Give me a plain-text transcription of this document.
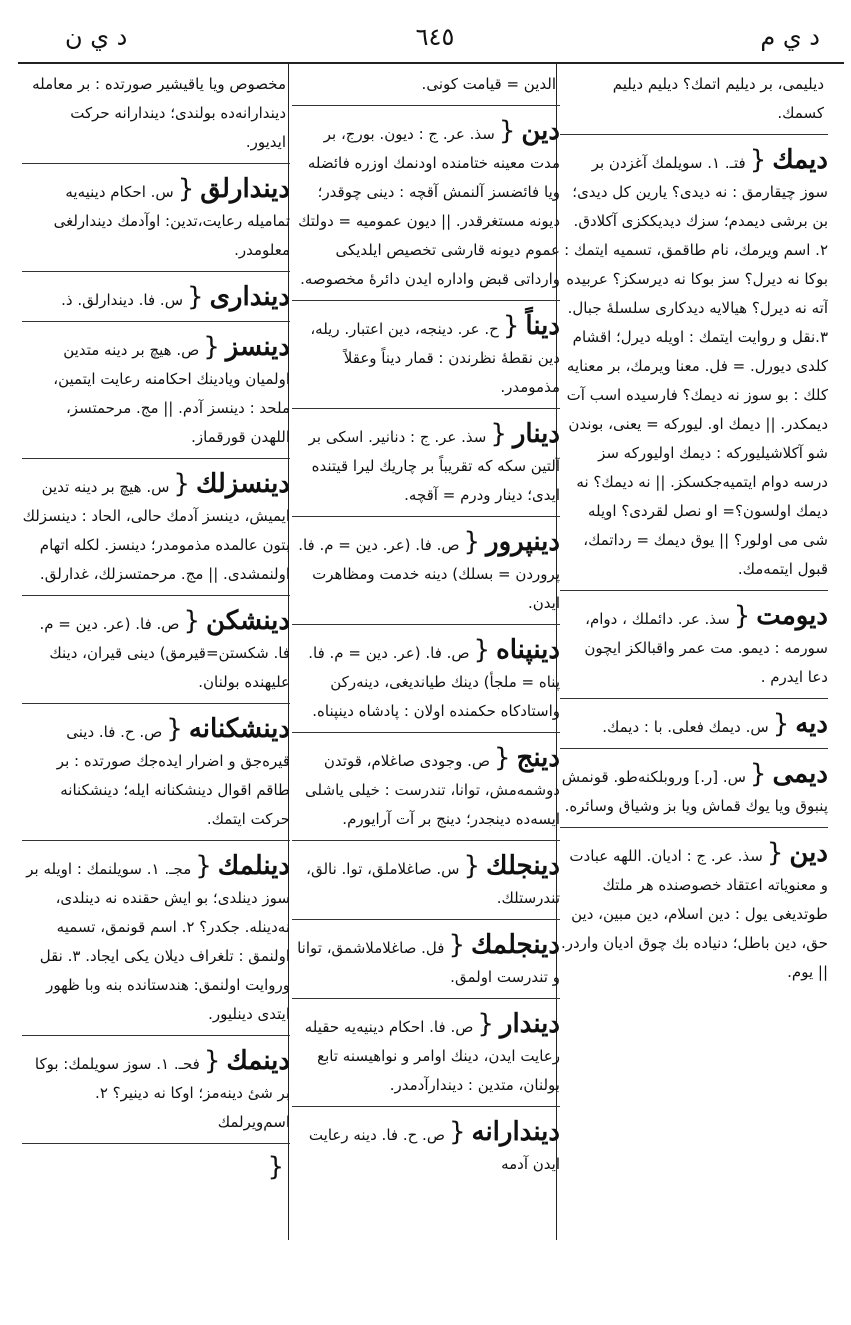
د ي م
٦٤٥
د ي ن
دیلیمی، بر دیلیم اتمك؟ دیلیم دیلیم کسمك.
دیمك{فتـ. ۱. سویلمك آغزدن بر سوز چیقارمق : نه دیدی؟ یارین کل دیدی؛ بن برشی دیمدم؛ سزك دیدیككزی آكلادق. ۲. اسم ویرمك، نام طاقمق، تسمیه ایتمك : بوكا نه دیرل؟ سز بوكا نه دیرسكز؟ عربیده آته نه دیرل؟ هیالایه دیدكاری سلسلهٔ جبال. ۳.نقل و روایت ایتمك : اویله دیرل؛ اقشام كلدی دیورل. = فل. معنا ویرمك، بر معنایه كلك : بو سوز نه دیمك؟ فارسیده اسب آت دیمكدر. || دیمك او. لیورکه = یعنی، بوندن شو آکلاشیلیورکه : دیمك اولیورکه سز درسه دوام ایتمیه‌جكسكز. || نه دیمك؟ نه دیمك اولسون؟= او نصل لقردی؟ اویله شی می اولور؟ || یوق دیمك = رداتمك، قبول ایتمه‌مك.
دیومت{سذ. عر. دائملك ، دوام، سورمه : دیمو. مت عمر واقبالكز ایچون دعا ایدرم .
دیه{س. دیمك فعلی. با : دیمك.
دیمی{س. [ر.] وروبلكنه‌طو. قونمش پنبوق ویا یوك قماش ویا بز وشیاق وسائره.
دین{سذ. عر. ج : ادیان. اللهه عبادت و معنویاته اعتقاد خصوصنده هر ملتك طوتدیغی یول : دین اسلام، دین مبین، دین حق، دین باطل؛ دنیاده بك چوق ادیان واردر. || یوم.
الدین = قیامت كونی.
دين{سذ. عر. ج : دیون. بورج، بر مدت معینه ختامنده اودنمك اوزره فائضله ویا فائضسز آلنمش آقچه : دینی چوقدر؛ دیونه مستغرقدر. || دیون عمومیه = دولتك عموم دیونه قارشی تخصیص ایلدیكی وارداتی قبض واداره ایدن دائرهٔ مخصوصه.
دیناً{ح. عر. دینجه، دین اعتبار. ریله، دین نقطهٔ نظرندن : قمار دیناً وعقلاً مذمومدر.
دینار{سذ. عر. ج : دنانیر. اسكی بر آلتین سكه كه تقریباً بر چاریك لیرا قیتنده ایدی؛ دینار ودرم = آقچه.
دینپرور{ص. فا. (عر. دين = م. فا. پروردن = بسلك) دینه خدمت ومظاهرت ایدن.
دینپناه{ص. فا. (عر. دين = م. فا. پناه = ملجأ) دینك طیاندیغی، دینه‌ركن واستادكاه حكمنده اولان : پادشاه دینپناه.
دینج{ص. وجودی صاغلام، قوتدن دوشمه‌مش، توانا، تندرست : خیلی یاشلی ایسه‌ده دینجدر؛ دینج بر آت آرایورم.
دینجلك{س. صاغلاملق، توا. نالق، تندرستلك.
دینجلمك{فل. صاغلاملاشمق، توانا و تندرست اولمق.
دیندار{ص. فا. احكام دینیه‌یه حقیله رعایت ایدن، دینك اوامر و نواهیسنه تابع بولنان، متدین : دیندارآدمدر.
دیندارانه{ص. ح. فا. دینه رعایت ایدن آدمه
مخصوص ویا یاقیشیر صورتده : بر معامله دیندارانه‌ده بولندی؛ دیندارانه حركت ایدیور.
دیندارلق{س. احكام دینیه‌یه تماميله رعایت،تدين: اوآدمك دیندارلغی معلومدر.
دینداری{س. فا. دیندارلق. ذ.
دینسز{ص. هیچ بر دینه متدین اولمیان ویادینك احكامنه رعایت ایتمین، ملحد : دینسز آدم. || مج. مرحمتسز، اللهدن قورقماز.
دینسزلك{س. هیچ بر دینه تدين ایمیش، دینسز آدمك حالی، الحاد : دینسزلك بتون عالمده مذمومدر؛ دینسز. لكله اتهام اولنمشدی. || مج. مرحمتسزلك، غدارلق.
دینشكن{ص. فا. (عر. دين = م. فا. شكستن=قیرمق) دینی قیران، دینك عليهنده بولنان.
دینشكنانه{ص. ح. فا. دینی قیره‌جق و اضرار ایده‌جك صورتده : بر طاقم اقوال دینشكنانه ایله؛ دینشكنانه حركت ایتمك.
دینلمك{مجـ. ۱. سویلنمك : اویله بر سوز دینلدی؛ بو ایش حقنده نه دینلدی، نه‌دینله. جكدر؟ ۲. اسم قونمق، تسمیه اولنمق : تلغراف دیلان یكی ایجاد. ۳. نقل وروایت اولنمق: هندستانده بنه وبا ظهور ایتدی دینلیور.
دینمك{فحـ. ۱. سوز سویلمك: بوكا بر شیٔ دینه‌مز؛ اوكا نه دینیر؟ ۲. اسم‌ویرلمك
{
